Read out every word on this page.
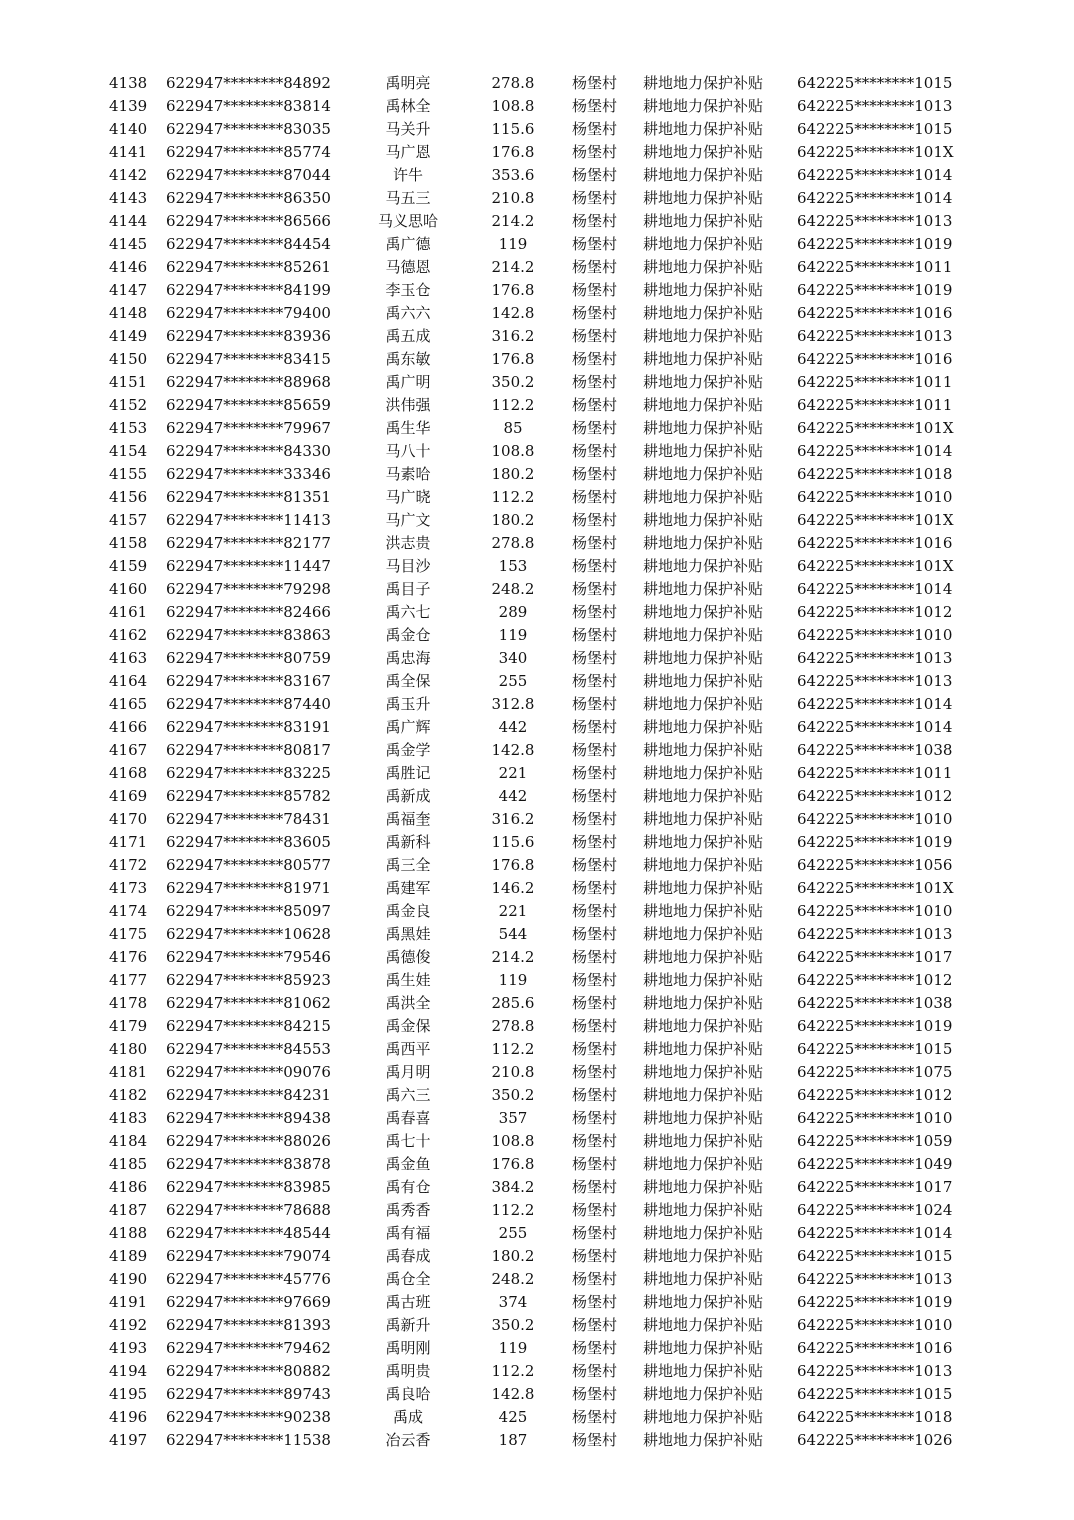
4138 622947********84892	禹明亮	278.8	杨堡村 耕地地力保护补贴 642225********1015
4139 622947********83814	禹林全	108.8	杨堡村 耕地地力保护补贴 642225********1013
4140 622947********83035	马关升	115.6	杨堡村 耕地地力保护补贴 642225********1015
4141 622947********85774	马广恩	176.8	杨堡村 耕地地力保护补贴 642225********101X
4142 622947********87044	许牛	353.6	杨堡村 耕地地力保护补贴 642225********1014
4143 622947********86350	马五三	210.8	杨堡村 耕地地力保护补贴 642225********1014
4144 622947********86566	马义思哈	214.2	杨堡村 耕地地力保护补贴 642225********1013
4145 622947********84454	禹广德	119	杨堡村 耕地地力保护补贴 642225********1019
4146 622947********85261	马德恩	214.2	杨堡村 耕地地力保护补贴 642225********1011
4147 622947********84199	李玉仓	176.8	杨堡村 耕地地力保护补贴 642225********1019
4148 622947********79400	禹六六	142.8	杨堡村 耕地地力保护补贴 642225********1016
4149 622947********83936	禹五成	316.2	杨堡村 耕地地力保护补贴 642225********1013
4150 622947********83415	禹东敏	176.8	杨堡村 耕地地力保护补贴 642225********1016
4151 622947********88968	禹广明	350.2	杨堡村 耕地地力保护补贴 642225********1011
4152 622947********85659	洪伟强	112.2	杨堡村 耕地地力保护补贴 642225********1011
4153 622947********79967	禹生华	85	杨堡村 耕地地力保护补贴 642225********101X
4154 622947********84330	马八十	108.8	杨堡村 耕地地力保护补贴 642225********1014
4155 622947********33346	马素哈	180.2	杨堡村 耕地地力保护补贴 642225********1018
4156 622947********81351	马广晓	112.2	杨堡村 耕地地力保护补贴 642225********1010
4157 622947********11413	马广文	180.2	杨堡村 耕地地力保护补贴 642225********101X
4158 622947********82177	洪志贵	278.8	杨堡村 耕地地力保护补贴 642225********1016
4159 622947********11447	马目沙	153	杨堡村 耕地地力保护补贴 642225********101X
4160 622947********79298	禹目子	248.2	杨堡村 耕地地力保护补贴 642225********1014
4161 622947********82466	禹六七	289	杨堡村 耕地地力保护补贴 642225********1012
4162 622947********83863	禹金仓	119	杨堡村 耕地地力保护补贴 642225********1010
4163 622947********80759	禹忠海	340	杨堡村 耕地地力保护补贴 642225********1013
4164 622947********83167	禹全保	255	杨堡村 耕地地力保护补贴 642225********1013
4165 622947********87440	禹玉升	312.8	杨堡村 耕地地力保护补贴 642225********1014
4166 622947********83191	禹广辉	442	杨堡村 耕地地力保护补贴 642225********1014
4167 622947********80817	禹金学	142.8	杨堡村 耕地地力保护补贴 642225********1038
4168 622947********83225	禹胜记	221	杨堡村 耕地地力保护补贴 642225********1011
4169 622947********85782	禹新成	442	杨堡村 耕地地力保护补贴 642225********1012
4170 622947********78431	禹福奎	316.2	杨堡村 耕地地力保护补贴 642225********1010
4171 622947********83605	禹新科	115.6	杨堡村 耕地地力保护补贴 642225********1019
4172 622947********80577	禹三全	176.8	杨堡村 耕地地力保护补贴 642225********1056
4173 622947********81971	禹建军	146.2	杨堡村 耕地地力保护补贴 642225********101X
4174 622947********85097	禹金良	221	杨堡村 耕地地力保护补贴 642225********1010
4175 622947********10628	禹黑娃	544	杨堡村 耕地地力保护补贴 642225********1013
4176 622947********79546	禹德俊	214.2	杨堡村 耕地地力保护补贴 642225********1017
4177 622947********85923	禹生娃	119	杨堡村 耕地地力保护补贴 642225********1012
4178 622947********81062	禹洪全	285.6	杨堡村 耕地地力保护补贴 642225********1038
4179 622947********84215	禹金保	278.8	杨堡村 耕地地力保护补贴 642225********1019
4180 622947********84553	禹西平	112.2	杨堡村 耕地地力保护补贴 642225********1015
4181 622947********09076	禹月明	210.8	杨堡村 耕地地力保护补贴 642225********1075
4182 622947********84231	禹六三	350.2	杨堡村 耕地地力保护补贴 642225********1012
4183 622947********89438	禹春喜	357	杨堡村 耕地地力保护补贴 642225********1010
4184 622947********88026	禹七十	108.8	杨堡村 耕地地力保护补贴 642225********1059
4185 622947********83878	禹金鱼	176.8	杨堡村 耕地地力保护补贴 642225********1049
4186 622947********83985	禹有仓	384.2	杨堡村 耕地地力保护补贴 642225********1017
4187 622947********78688	禹秀香	112.2	杨堡村 耕地地力保护补贴 642225********1024
4188 622947********48544	禹有福	255	杨堡村 耕地地力保护补贴 642225********1014
4189 622947********79074	禹春成	180.2	杨堡村 耕地地力保护补贴 642225********1015
4190 622947********45776	禹仓全	248.2	杨堡村 耕地地力保护补贴 642225********1013
4191 622947********97669	禹古班	374	杨堡村 耕地地力保护补贴 642225********1019
4192 622947********81393	禹新升	350.2	杨堡村 耕地地力保护补贴 642225********1010
4193 622947********79462	禹明刚	119	杨堡村 耕地地力保护补贴 642225********1016
4194 622947********80882	禹明贵	112.2	杨堡村 耕地地力保护补贴 642225********1013
4195 622947********89743	禹良哈	142.8	杨堡村 耕地地力保护补贴 642225********1015
4196 622947********90238	禹成	425	杨堡村 耕地地力保护补贴 642225********1018
4197 622947********11538	冶云香	187	杨堡村 耕地地力保护补贴 642225********1026
